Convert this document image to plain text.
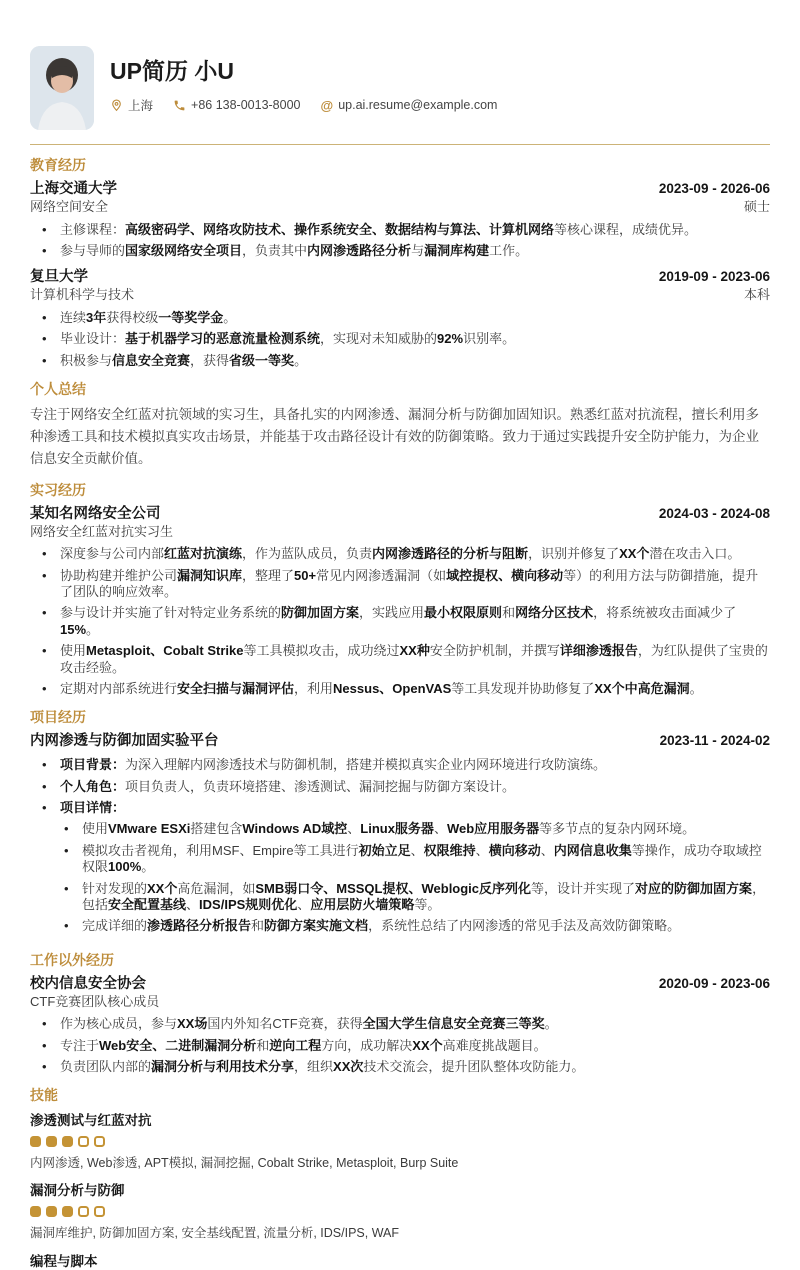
UP简历 小U
上海	+86 138-0013-8000 @ up.ai.resume@example.com
教育经历
上海交通大学	2023-09 - 2026-06
网络空间安全	硕士
•	主修课程：高级密码学、网络攻防技术、操作系统安全、数据结构与算法、计算机网络等核心课程，成绩优异。
•	参与导师的国家级网络安全项目，负责其中内网渗透路径分析与漏洞库构建工作。
复旦大学	2019-09 - 2023-06
计算机科学与技术	本科
•	连续3年获得校级一等奖学金。
•	毕业设计：基于机器学习的恶意流量检测系统，实现对未知威胁的92%识别率。
•	积极参与信息安全竞赛，获得省级一等奖。
个人总结

专注于网络安全红蓝对抗领域的实习生，具备扎实的内网渗透、漏洞分析与防御加固知识。熟悉红蓝对抗流程，擅长利用多种渗透工具和技术模拟真实攻击场景，并能基于攻击路径设计有效的防御策略。致力于通过实践提升安全防护能力，为企业信息安全贡献价值。

实习经历
某知名网络安全公司	2024-03 - 2024-08
网络安全红蓝对抗实习生
•	深度参与公司内部红蓝对抗演练，作为蓝队成员，负责内网渗透路径的分析与阻断，识别并修复了XX个潜在攻击入口。
•	协助构建并维护公司漏洞知识库，整理了50+常见内网渗透漏洞（如域控提权、横向移动等）的利用方法与防御措施，提升了团队的响应效率。
•	参与设计并实施了针对特定业务系统的防御加固方案，实践应用最小权限原则和网络分区技术，将系统被攻击面减少了15%。
•	使用Metasploit、Cobalt Strike等工具模拟攻击，成功绕过XX种安全防护机制，并撰写详细渗透报告，为红队提供了宝贵的攻击经验。
•	定期对内部系统进行安全扫描与漏洞评估，利用Nessus、OpenVAS等工具发现并协助修复了XX个中高危漏洞。
项目经历
内网渗透与防御加固实验平台	2023-11 - 2024-02
•	项目背景：为深入理解内网渗透技术与防御机制，搭建并模拟真实企业内网环境进行攻防演练。
•	个人角色：项目负责人，负责环境搭建、渗透测试、漏洞挖掘与防御方案设计。
•	项目详情：
•	使用VMware ESXi搭建包含Windows AD域控、Linux服务器、Web应用服务器等多节点的复杂内网环境。
•	模拟攻击者视角，利用MSF、Empire等工具进行初始立足、权限维持、横向移动、内网信息收集等操作，成功夺取域控权限100%。
•	针对发现的XX个高危漏洞，如SMB弱口令、MSSQL提权、Weblogic反序列化等，设计并实现了对应的防御加固方案，包括安全配置基线、IDS/IPS规则优化、应用层防火墙策略等。
•	完成详细的渗透路径分析报告和防御方案实施文档，系统性总结了内网渗透的常见手法及高效防御策略。
工作以外经历
校内信息安全协会	2020-09 - 2023-06
CTF竞赛团队核心成员
•	作为核心成员，参与XX场国内外知名CTF竞赛，获得全国大学生信息安全竞赛三等奖。
•	专注于Web安全、二进制漏洞分析和逆向工程方向，成功解决XX个高难度挑战题目。
•	负责团队内部的漏洞分析与利用技术分享，组织XX次技术交流会，提升团队整体攻防能力。
技能
渗透测试与红蓝对抗
内网渗透, Web渗透, APT模拟, 漏洞挖掘, Cobalt Strike, Metasploit, Burp Suite
漏洞分析与防御
漏洞库维护, 防御加固方案, 安全基线配置, 流量分析, IDS/IPS, WAF
编程与脚本
